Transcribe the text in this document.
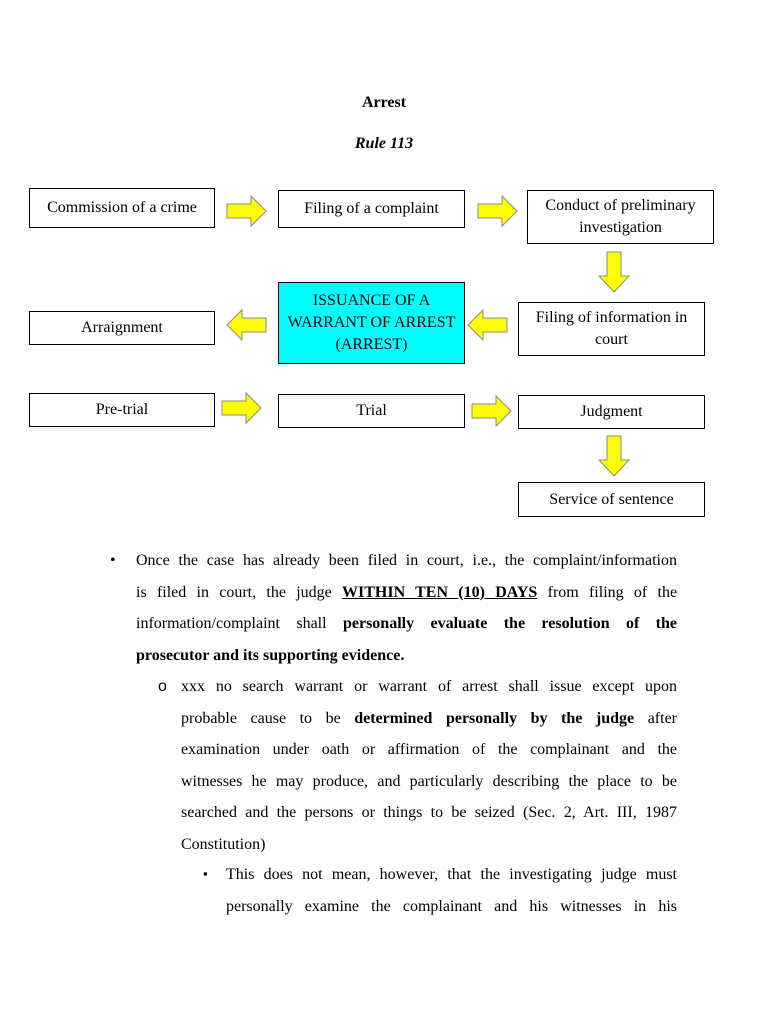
Arrest
Rule 113
Commission of a crime	Filing of a complaint	Conduct of preliminary investigation
Arraignment
ISSUANCE OF A WARRANT OF ARREST (ARREST)
Filing of information in court
Pre-trial	Trial	Judgment
Service of sentence
• Once the case has already been filed in court, i.e., the complaint/information
is filed in court, the judge WITHIN TEN (10) DAYS from filing of the
information/complaint shall personally evaluate the resolution of the
prosecutor and its supporting evidence.
o xxx no search warrant or warrant of arrest shall issue except upon
probable cause to be determined personally by the judge after
examination under oath or affirmation of the complainant and the
witnesses he may produce, and particularly describing the place to be
searched and the persons or things to be seized (Sec. 2, Art. III, 1987
Constitution)
▪ This does not mean, however, that the investigating judge must
personally examine the complainant and his witnesses in his
